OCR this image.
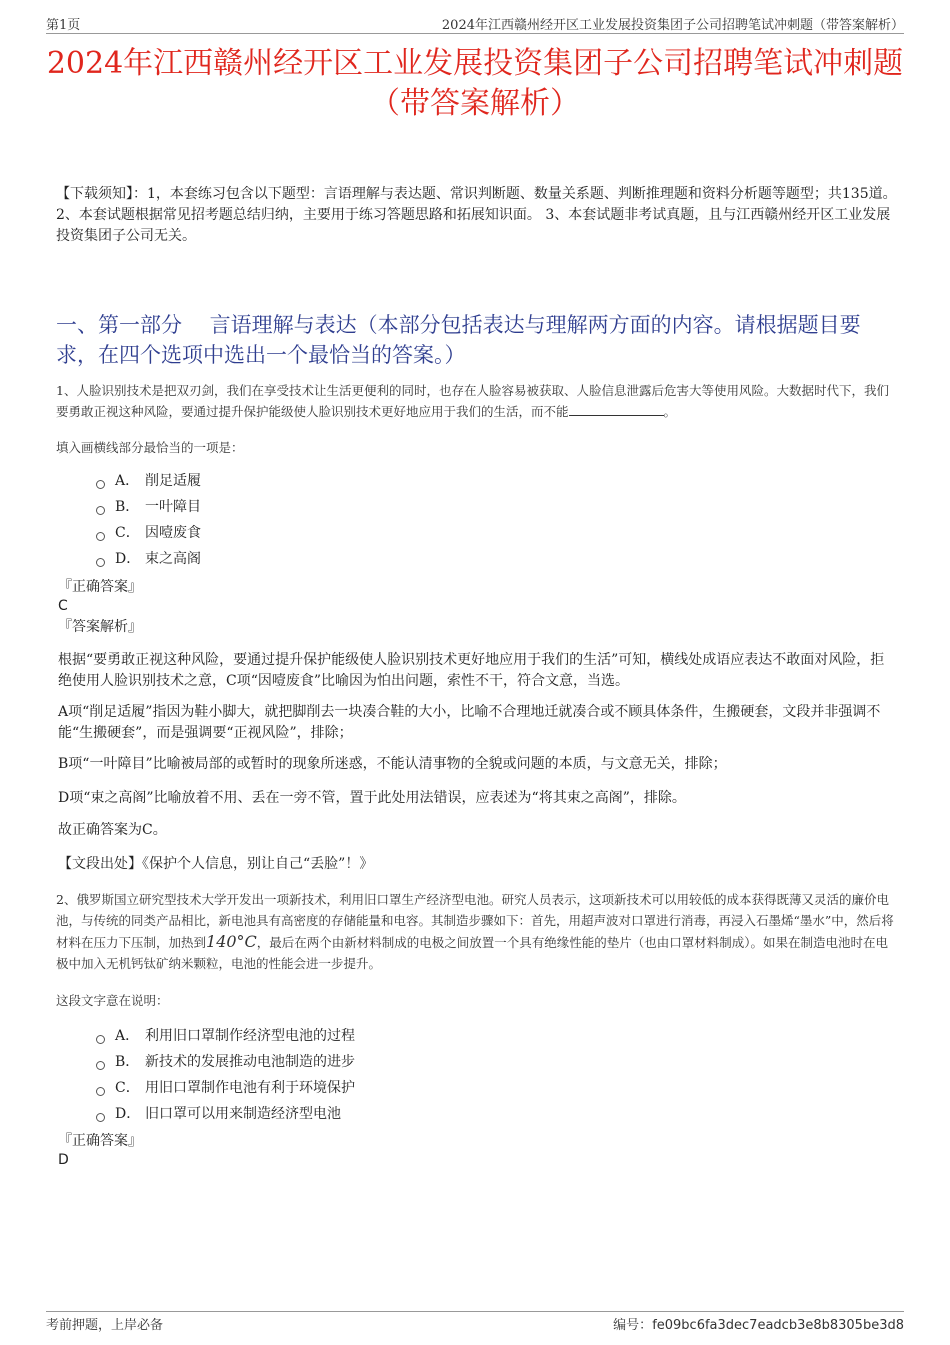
第1页	2024年江西赣州经开区工业发展投资集团子公司招聘笔试冲刺题（带答案解析）
2024年江西赣州经开区工业发展投资集团子公司招聘笔试冲刺题（带答案解析）
【下载须知】：1，本套练习包含以下题型：言语理解与表达题、常识判断题、数量关系题、判断推理题和资料分析题等题型；共135道。 2、本套试题根据常见招考题总结归纳，主要用于练习答题思路和拓展知识面。 3、本套试题非考试真题，且与江西赣州经开区工业发展投资集团子公司无关。
一、第一部分　 言语理解与表达（本部分包括表达与理解两方面的内容。请根据题目要求，在四个选项中选出一个最恰当的答案。）
1、人脸识别技术是把双刃剑，我们在享受技术让生活更便利的同时，也存在人脸容易被获取、人脸信息泄露后危害大等使用风险。大数据时代下，我们要勇敢正视这种风险，要通过提升保护能级使人脸识别技术更好地应用于我们的生活，而不能	。
填入画横线部分最恰当的一项是：
A． 削足适履
B． 一叶障目
C． 因噎废食
D． 束之高阁
『正确答案』
C
『答案解析』
根据“要勇敢正视这种风险，要通过提升保护能级使人脸识别技术更好地应用于我们的生活”可知，横线处成语应表达不敢面对风险，拒绝使用人脸识别技术之意，C项“因噎废食”比喻因为怕出问题，索性不干，符合文意，当选。
A项“削足适履”指因为鞋小脚大，就把脚削去一块凑合鞋的大小，比喻不合理地迁就凑合或不顾具体条件，生搬硬套，文段并非强调不能“生搬硬套”，而是强调要“正视风险”，排除；
B项“一叶障目”比喻被局部的或暂时的现象所迷惑，不能认清事物的全貌或问题的本质，与文意无关，排除；
D项“束之高阁”比喻放着不用、丢在一旁不管，置于此处用法错误，应表述为“将其束之高阁”，排除。
故正确答案为C。
【文段出处】《保护个人信息，别让自己“丢脸”！》
2、俄罗斯国立研究型技术大学开发出一项新技术，利用旧口罩生产经济型电池。研究人员表示，这项新技术可以用较低的成本获得既薄又灵活的廉价电池，与传统的同类产品相比，新电池具有高密度的存储能量和电容。其制造步骤如下：首先，用超声波对口罩进行消毒，再浸入石墨烯“墨水”中，然后将材料在压力下压制，加热到140°C，最后在两个由新材料制成的电极之间放置一个具有绝缘性能的垫片（也由口罩材料制成）。如果在制造电池时在电极中加入无机钙钛矿纳米颗粒，电池的性能会进一步提升。
这段文字意在说明：
A． 利用旧口罩制作经济型电池的过程
B． 新技术的发展推动电池制造的进步
C． 用旧口罩制作电池有利于环境保护
D． 旧口罩可以用来制造经济型电池
『正确答案』
D
考前押题，上岸必备	编号：fe09bc6fa3dec7eadcb3e8b8305be3d8
